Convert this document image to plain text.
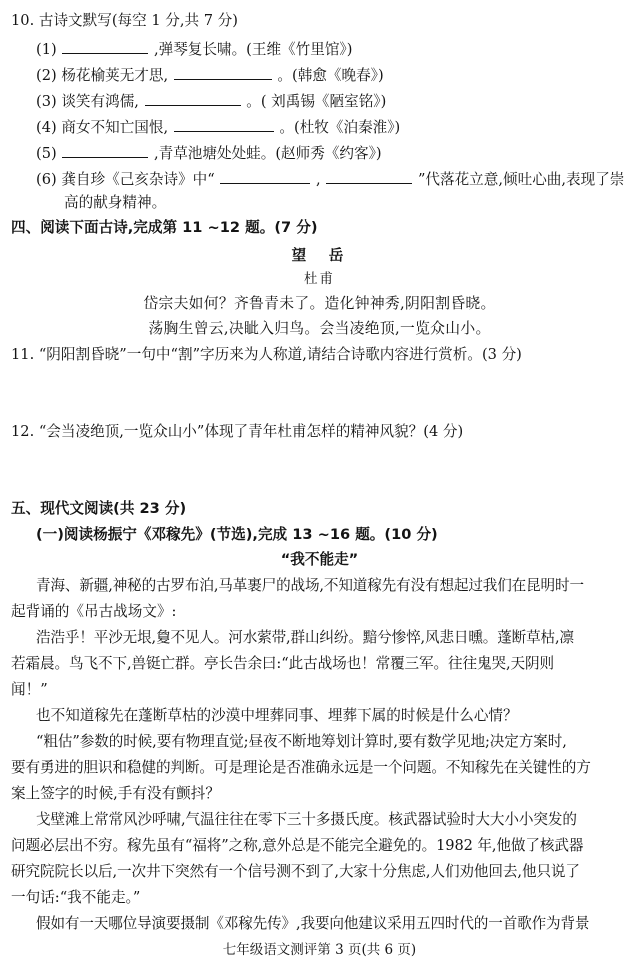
10. 古诗文默写(每空 1 分,共 7 分)
(1)	,弹琴复长啸。(王维《竹里馆》)
(2) 杨花榆荚无才思,	。(韩愈《晚春》)
(3) 谈笑有鸿儒,	。( 刘禹锡《陋室铭》)
(4) 商女不知亡国恨,	。(杜牧《泊秦淮》)
(5)	,青草池塘处处蛙。(赵师秀《约客》)
(6) 龚自珍《己亥杂诗》中“	,	”代落花立意,倾吐心曲,表现了崇
高的献身精神。
四、阅读下面古诗,完成第 11 ~12 题。(7 分)
望　岳
杜甫
岱宗夫如何？齐鲁青未了。造化钟神秀,阴阳割昏晓。
荡胸生曾云,决眦入归鸟。会当凌绝顶,一览众山小。
11. “阴阳割昏晓”一句中“割”字历来为人称道,请结合诗歌内容进行赏析。(3 分)
12. “会当凌绝顶,一览众山小”体现了青年杜甫怎样的精神风貌？(4 分)
五、现代文阅读(共 23 分)
(一)阅读杨振宁《邓稼先》(节选),完成 13 ~16 题。(10 分)
“我不能走”
青海、新疆,神秘的古罗布泊,马革裹尸的战场,不知道稼先有没有想起过我们在昆明时一
起背诵的《吊古战场文》:
浩浩乎！平沙无垠,敻不见人。河水萦带,群山纠纷。黯兮惨悴,风悲日曛。蓬断草枯,凛
若霜晨。鸟飞不下,兽铤亡群。亭长告余曰:“此古战场也！常覆三军。往往鬼哭,天阴则
闻！”
也不知道稼先在蓬断草枯的沙漠中埋葬同事、埋葬下属的时候是什么心情？
“粗估”参数的时候,要有物理直觉;昼夜不断地筹划计算时,要有数学见地;决定方案时,
要有勇进的胆识和稳健的判断。可是理论是否准确永远是一个问题。不知稼先在关键性的方
案上签字的时候,手有没有颤抖？
戈壁滩上常常风沙呼啸,气温往往在零下三十多摄氏度。核武器试验时大大小小突发的
问题必层出不穷。稼先虽有“福将”之称,意外总是不能完全避免的。1982 年,他做了核武器
研究院院长以后,一次井下突然有一个信号测不到了,大家十分焦虑,人们劝他回去,他只说了
一句话:“我不能走。”
假如有一天哪位导演要摄制《邓稼先传》,我要向他建议采用五四时代的一首歌作为背景
七年级语文测评第 3 页(共 6 页)
